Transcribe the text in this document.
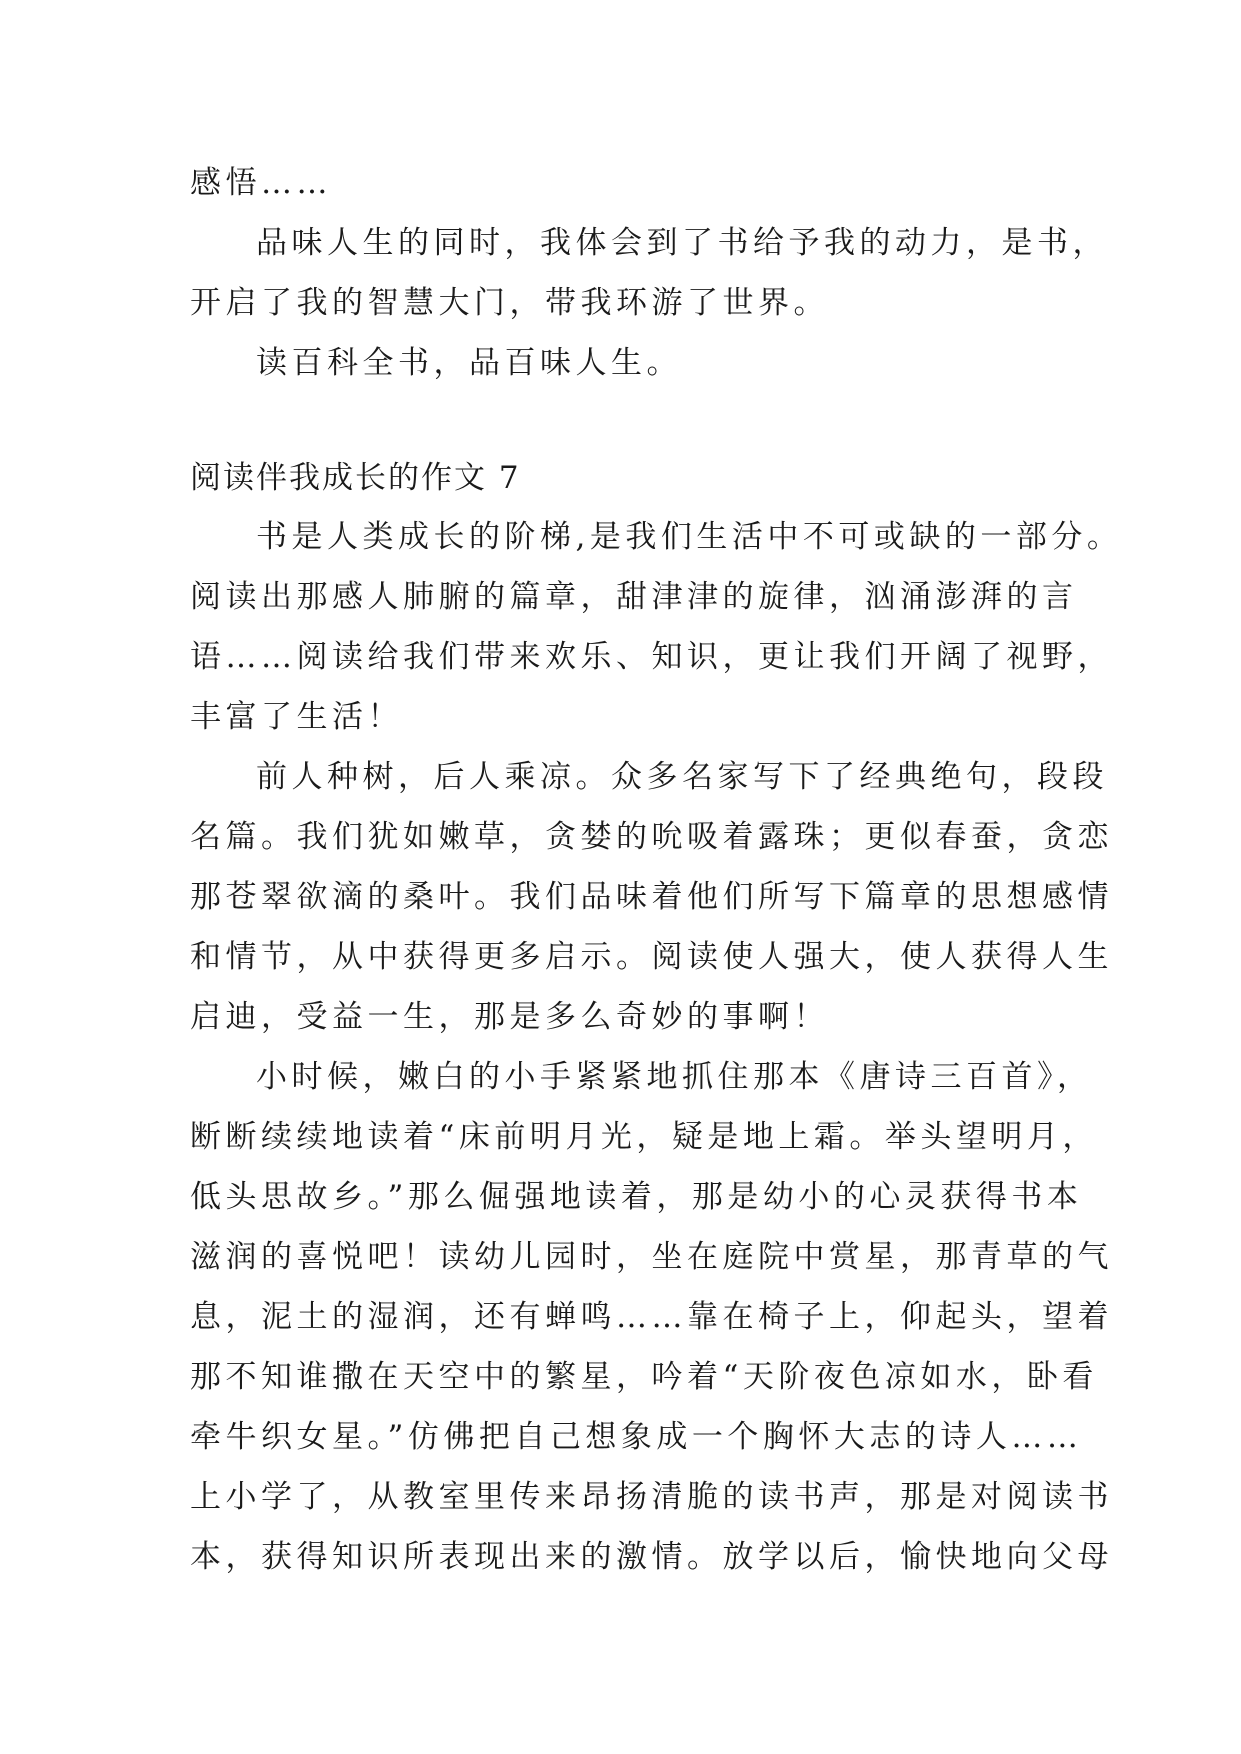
感悟……
品味人生的同时，我体会到了书给予我的动力，是书，
开启了我的智慧大门，带我环游了世界。
读百科全书，品百味人生。
阅读伴我成长的作文 7
书是人类成长的阶梯,是我们生活中不可或缺的一部分。
阅读出那感人肺腑的篇章，甜津津的旋律，汹涌澎湃的言
语……阅读给我们带来欢乐、知识，更让我们开阔了视野，
丰富了生活！
前人种树，后人乘凉。众多名家写下了经典绝句，段段
名篇。我们犹如嫩草，贪婪的吮吸着露珠；更似春蚕，贪恋
那苍翠欲滴的桑叶。我们品味着他们所写下篇章的思想感情
和情节，从中获得更多启示。阅读使人强大，使人获得人生
启迪，受益一生，那是多么奇妙的事啊！
小时候，嫩白的小手紧紧地抓住那本《唐诗三百首》，
断断续续地读着“床前明月光，疑是地上霜。举头望明月，
低头思故乡。”那么倔强地读着，那是幼小的心灵获得书本
滋润的喜悦吧！读幼儿园时，坐在庭院中赏星，那青草的气
息，泥土的湿润，还有蝉鸣……靠在椅子上，仰起头，望着
那不知谁撒在天空中的繁星，吟着“天阶夜色凉如水，卧看
牵牛织女星。”仿佛把自己想象成一个胸怀大志的诗人……
上小学了，从教室里传来昂扬清脆的读书声，那是对阅读书
本，获得知识所表现出来的激情。放学以后，愉快地向父母
